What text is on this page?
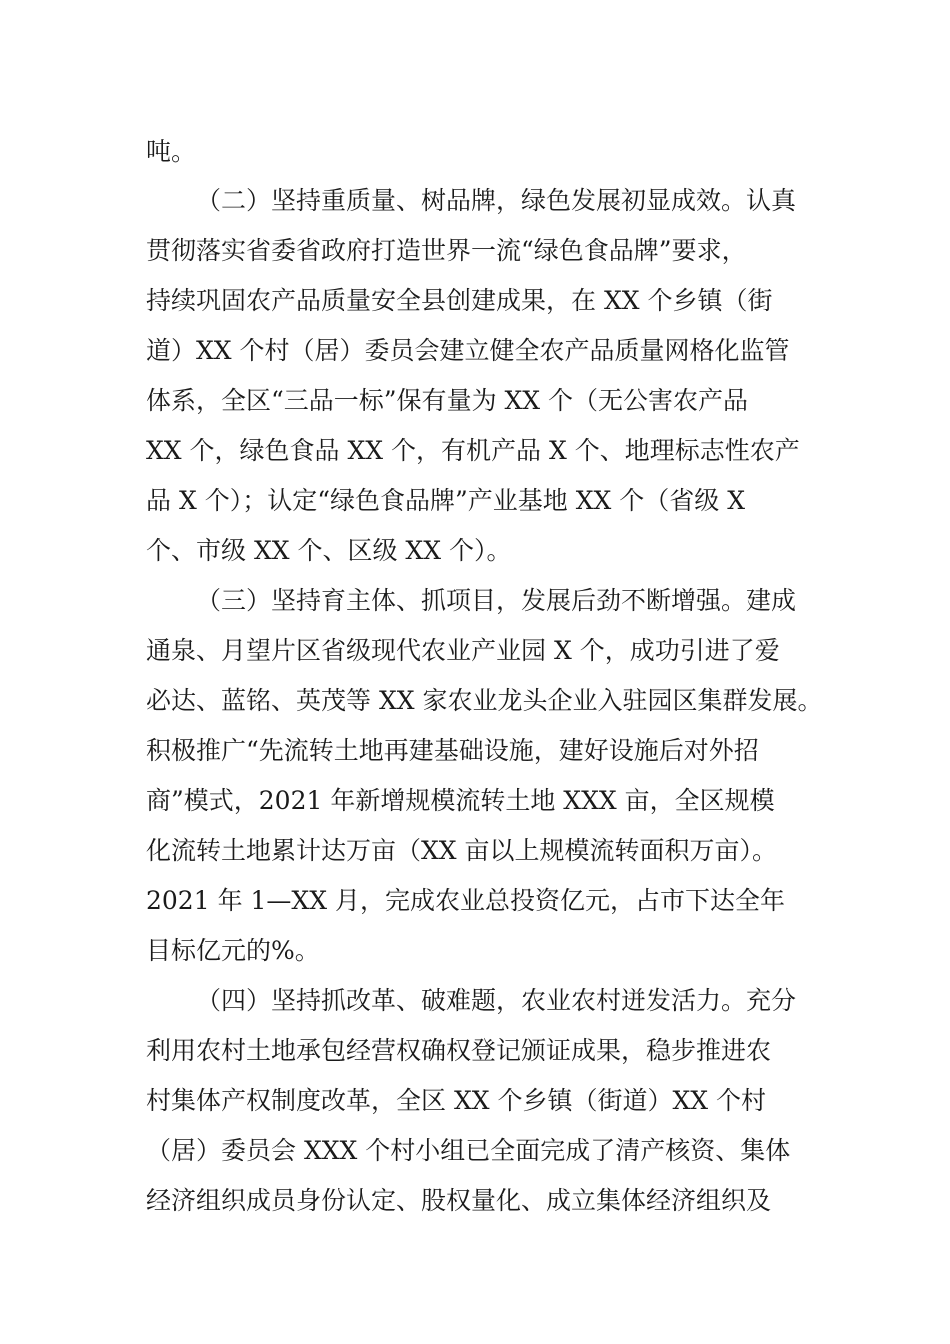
吨。
（二）坚持重质量、树品牌，绿色发展初显成效。认真
贯彻落实省委省政府打造世界一流“绿色食品牌”要求，
持续巩固农产品质量安全县创建成果，在 XX 个乡镇（街
道）XX 个村（居）委员会建立健全农产品质量网格化监管
体系，全区“三品一标”保有量为 XX 个（无公害农产品
XX 个，绿色食品 XX 个，有机产品 X 个、地理标志性农产
品 X 个）；认定“绿色食品牌”产业基地 XX 个（省级 X
个、市级 XX 个、区级 XX 个）。
（三）坚持育主体、抓项目，发展后劲不断增强。建成
通泉、月望片区省级现代农业产业园 X 个，成功引进了爱
必达、蓝铭、英茂等 XX 家农业龙头企业入驻园区集群发展。
积极推广“先流转土地再建基础设施，建好设施后对外招
商”模式，2021 年新增规模流转土地 XXX 亩，全区规模
化流转土地累计达万亩（XX 亩以上规模流转面积万亩）。
2021 年 1—XX 月，完成农业总投资亿元，占市下达全年
目标亿元的%。
（四）坚持抓改革、破难题，农业农村迸发活力。充分
利用农村土地承包经营权确权登记颁证成果，稳步推进农
村集体产权制度改革，全区 XX 个乡镇（街道）XX 个村
（居）委员会 XXX 个村小组已全面完成了清产核资、集体
经济组织成员身份认定、股权量化、成立集体经济组织及
